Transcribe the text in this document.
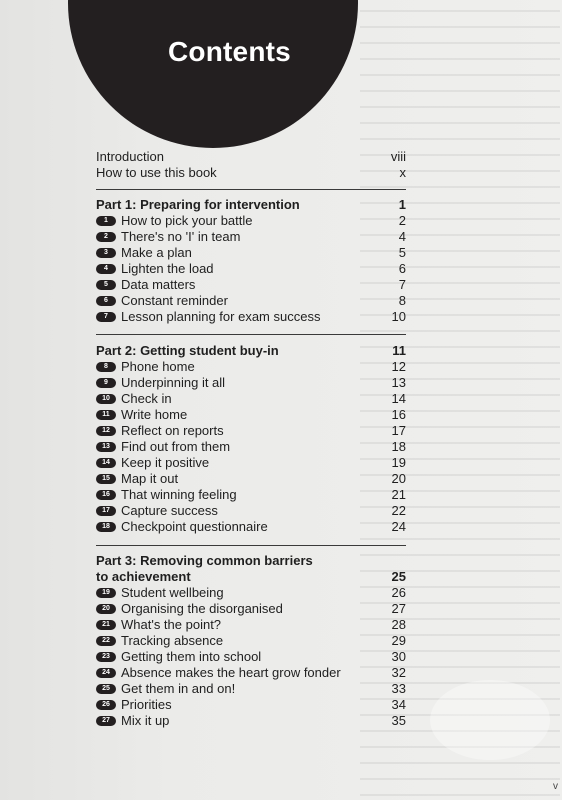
Contents
Introduction	viii
How to use this book	x
Part 1: Preparing for intervention	1
1	How to pick your battle	2
2	There's no 'I' in team	4
3	Make a plan	5
4	Lighten the load	6
5	Data matters	7
6	Constant reminder	8
7	Lesson planning for exam success	10
Part 2: Getting student buy-in	11
8	Phone home	12
9	Underpinning it all	13
10 Check in	14
11 Write home	16
12 Reflect on reports	17
13 Find out from them	18
14 Keep it positive	19
15 Map it out	20
16 That winning feeling	21
17 Capture success	22
18 Checkpoint questionnaire	24
Part 3: Removing common barriers
to achievement	25
19 Student wellbeing	26
20 Organising the disorganised	27
21 What's the point?	28
22 Tracking absence	29
23 Getting them into school	30
24 Absence makes the heart grow fonder	32
25 Get them in and on!	33
26 Priorities	34
27 Mix it up	35
v
